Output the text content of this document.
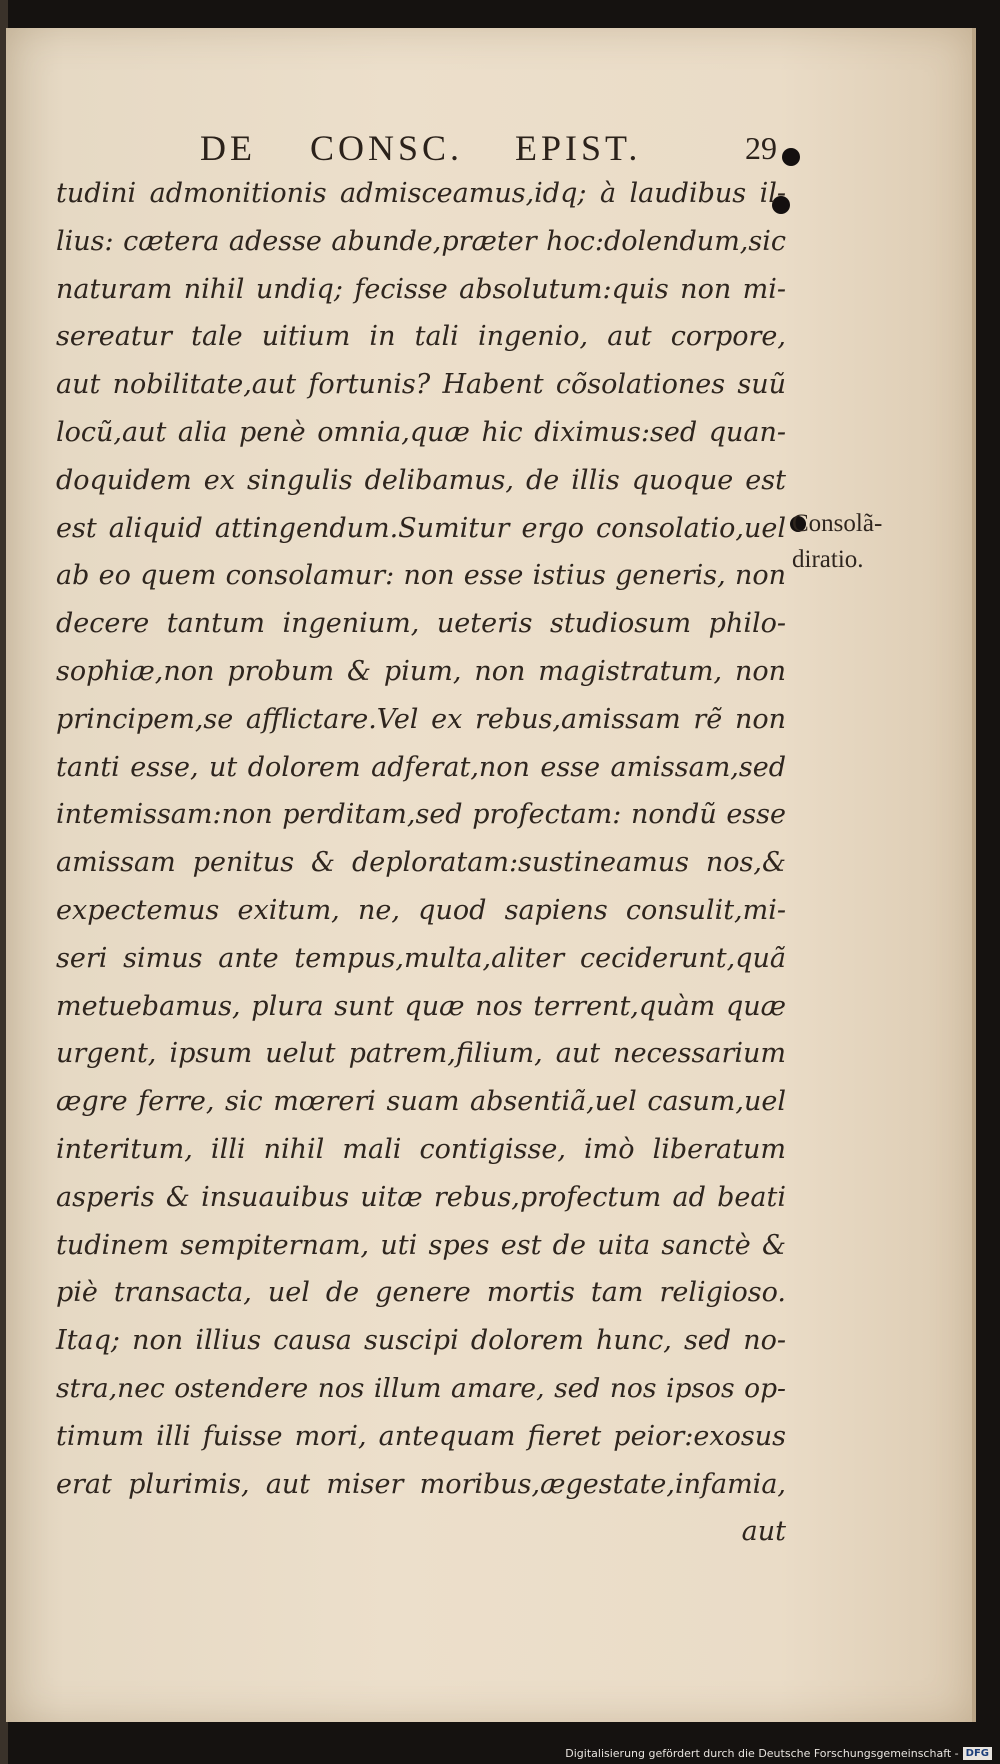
DE CONSC. EPIST.	29
tudini admonitionis admisceamus,idq; à laudibus il-
lius: cætera adesse abunde,præter hoc:dolendum,sic
naturam nihil undiq; fecisse absolutum:quis non mi-
sereatur tale uitium in tali ingenio, aut corpore,
aut nobilitate,aut fortunis? Habent cõsolationes suũ
locũ,aut alia penè omnia,quæ hic diximus:sed quan-
doquidem ex singulis delibamus, de illis quoque est
est aliquid attingendum.Sumitur ergo consolatio,uel
ab eo quem consolamur: non esse istius generis, non
decere tantum ingenium, ueteris studiosum philo-
sophiæ,non probum & pium, non magistratum, non
principem,se afflictare.Vel ex rebus,amissam rẽ non
tanti esse, ut dolorem adferat,non esse amissam,sed
intemissam:non perditam,sed profectam: nondũ esse
amissam penitus & deploratam:sustineamus nos,&
expectemus exitum, ne, quod sapiens consulit,mi-
seri simus ante tempus,multa,aliter ceciderunt,quã
metuebamus, plura sunt quæ nos terrent,quàm quæ
urgent, ipsum uelut patrem,filium, aut necessarium
ægre ferre, sic mœreri suam absentiã,uel casum,uel
interitum, illi nihil mali contigisse, imò liberatum
asperis & insuauibus uitæ rebus,profectum ad beati
tudinem sempiternam, uti spes est de uita sanctè &
piè transacta, uel de genere mortis tam religioso.
Itaq; non illius causa suscipi dolorem hunc, sed no-
stra,nec ostendere nos illum amare, sed nos ipsos op-
timum illi fuisse mori, antequam fieret peior:exosus
erat plurimis, aut miser moribus,ægestate,infamia,
aut
Consolã-
diratio.
Digitalisierung gefördert durch die Deutsche Forschungsgemeinschaft - DFG
